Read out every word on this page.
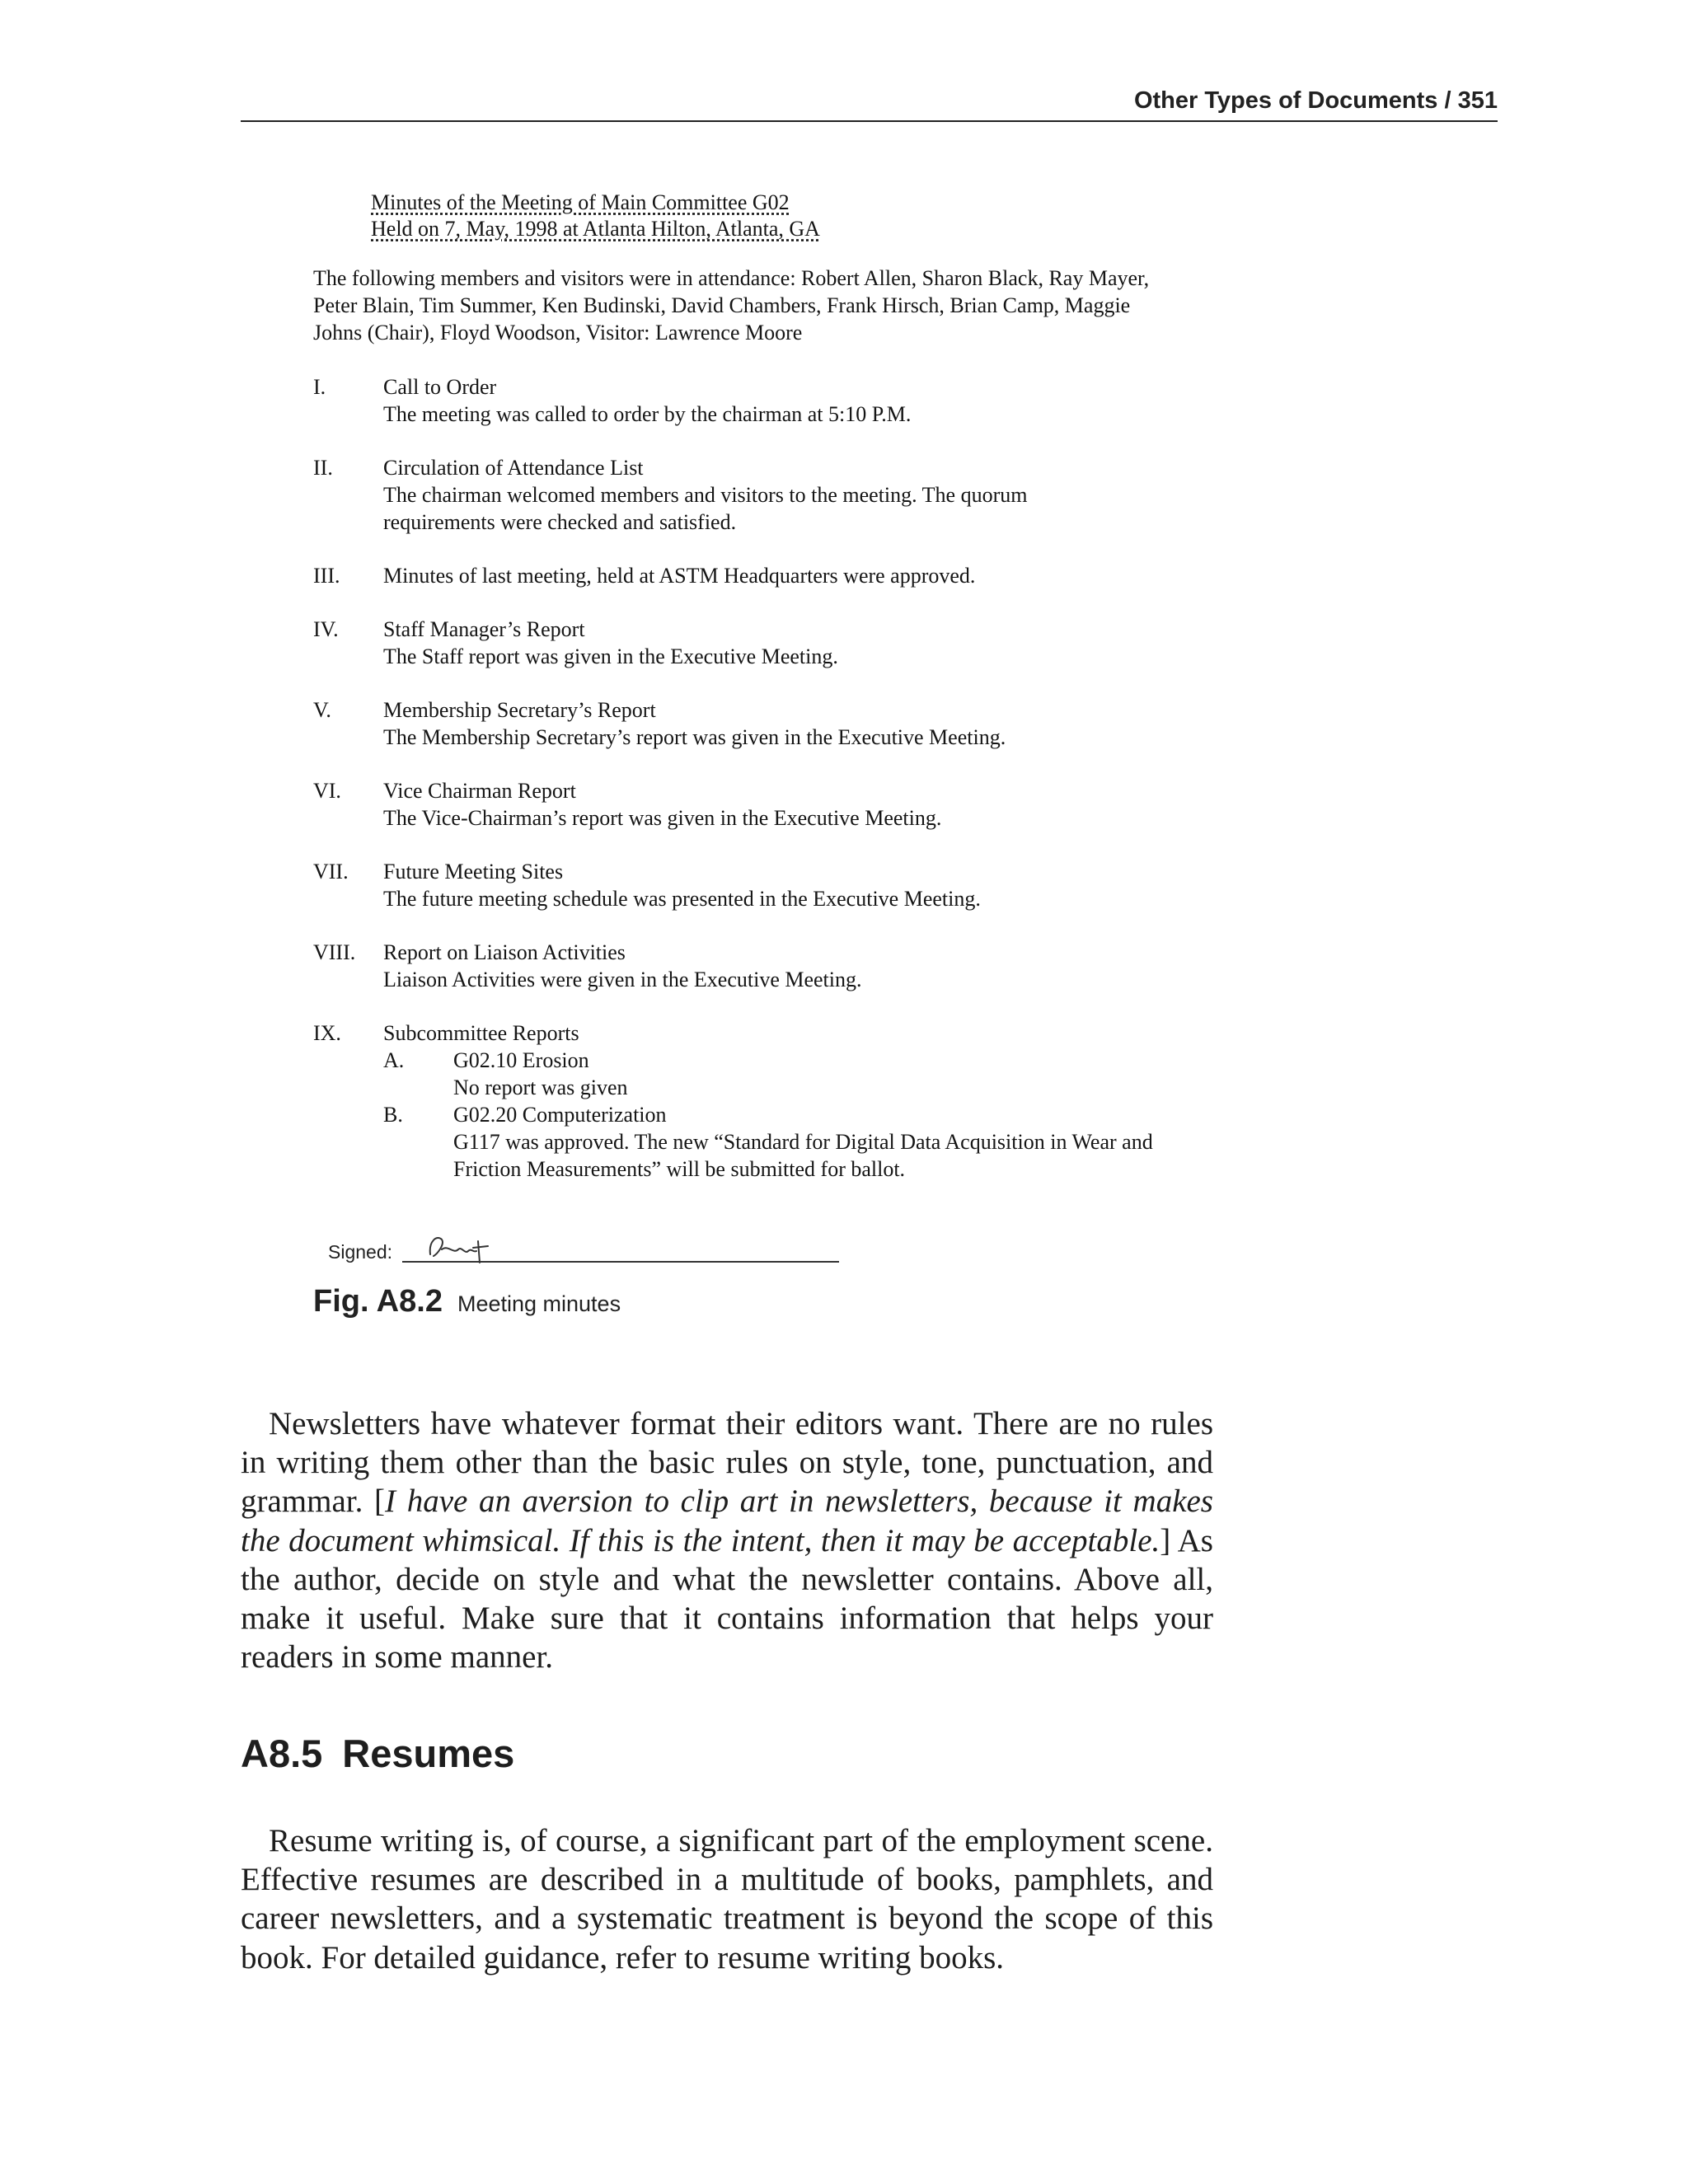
Other Types of Documents / 351
Minutes of the Meeting of Main Committee G02
Held on 7, May, 1998 at Atlanta Hilton, Atlanta, GA
The following members and visitors were in attendance: Robert Allen, Sharon Black, Ray Mayer, Peter Blain, Tim Summer, Ken Budinski, David Chambers, Frank Hirsch, Brian Camp, Maggie Johns (Chair), Floyd Woodson, Visitor: Lawrence Moore
I.	Call to Order
The meeting was called to order by the chairman at 5:10 P.M.
II.	Circulation of Attendance List
The chairman welcomed members and visitors to the meeting. The quorum requirements were checked and satisfied.
III.	Minutes of last meeting, held at ASTM Headquarters were approved.
IV.	Staff Manager’s Report
The Staff report was given in the Executive Meeting.
V.	Membership Secretary’s Report
The Membership Secretary’s report was given in the Executive Meeting.
VI.	Vice Chairman Report
The Vice-Chairman’s report was given in the Executive Meeting.
VII.	Future Meeting Sites
The future meeting schedule was presented in the Executive Meeting.
VIII.	Report on Liaison Activities
Liaison Activities were given in the Executive Meeting.
IX.	Subcommittee Reports
A.	G02.10 Erosion
No report was given
B.	G02.20 Computerization
G117 was approved. The new “Standard for Digital Data Acquisition in Wear and Friction Measurements” will be submitted for ballot.
Signed:
Fig. A8.2 Meeting minutes

Newsletters have whatever format their editors want. There are no rules in writing them other than the basic rules on style, tone, punctuation, and grammar. [I have an aversion to clip art in newsletters, because it makes the document whimsical. If this is the intent, then it may be acceptable.] As the author, decide on style and what the newsletter contains. Above all, make it useful. Make sure that it contains information that helps your readers in some manner.

A8.5 Resumes

Resume writing is, of course, a significant part of the employment scene. Effective resumes are described in a multitude of books, pamphlets, and career newsletters, and a systematic treatment is beyond the scope of this book. For detailed guidance, refer to resume writing books.
